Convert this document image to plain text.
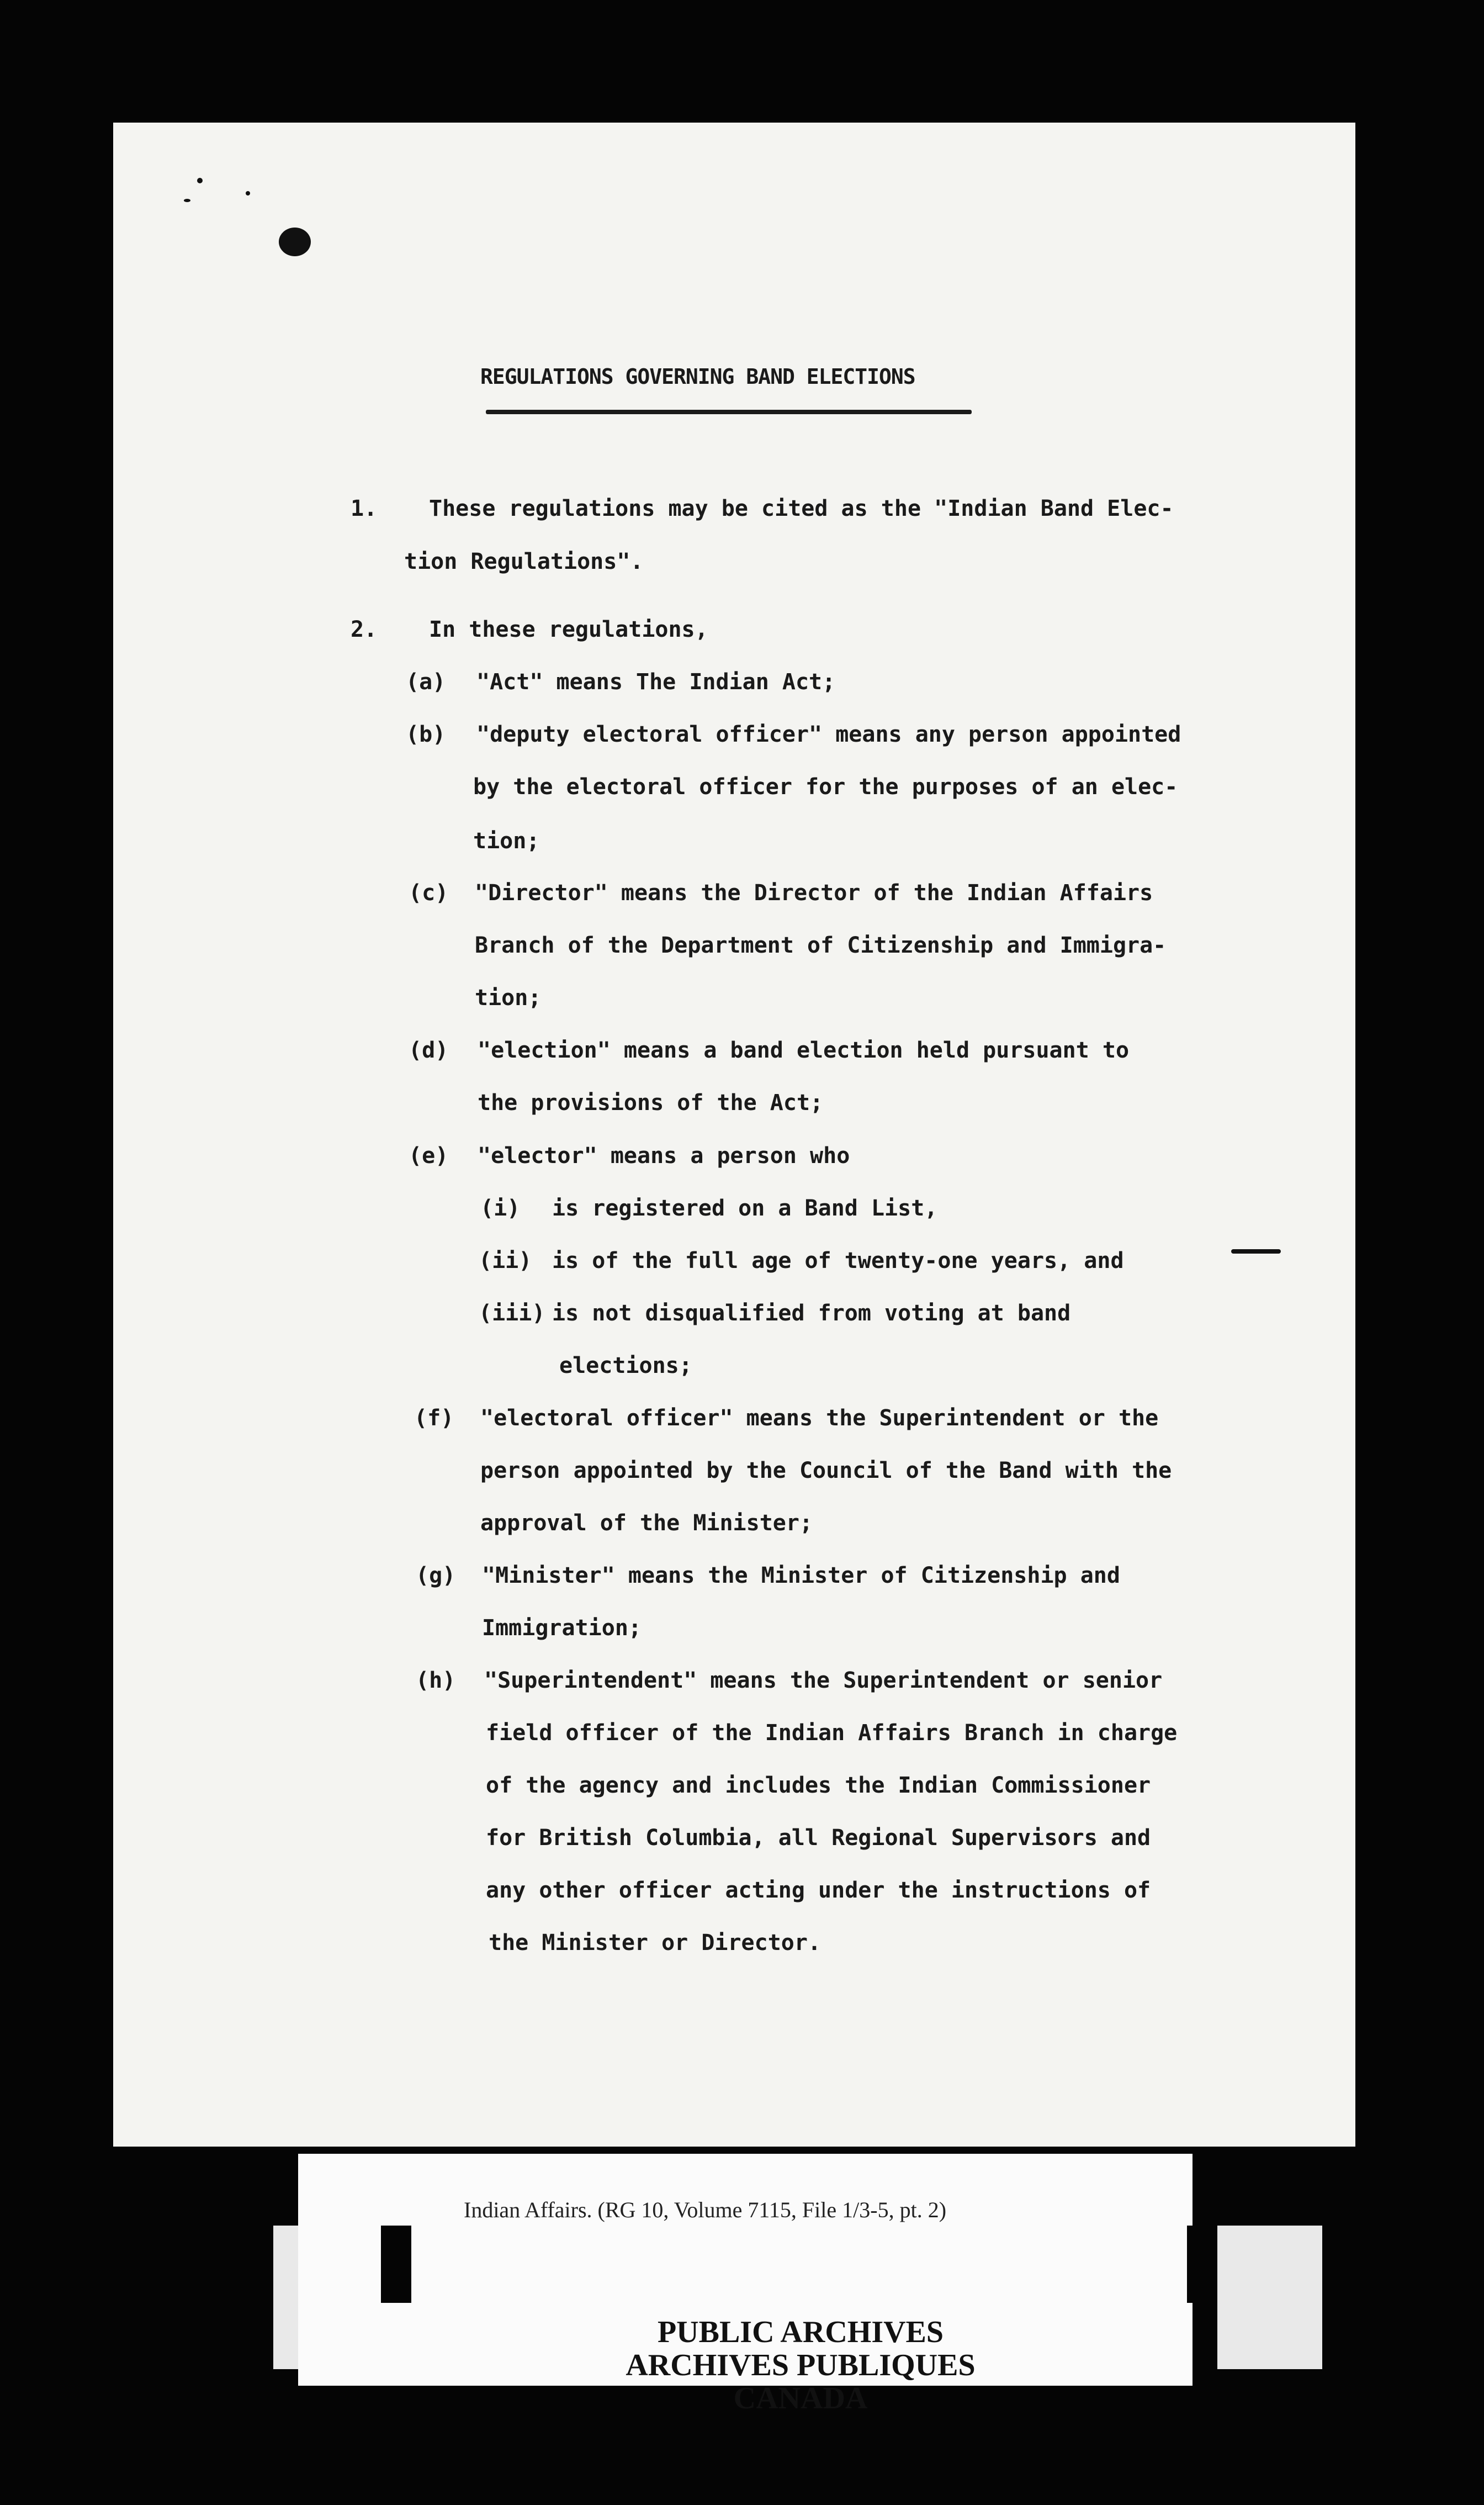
REGULATIONS GOVERNING BAND ELECTIONS
1. These regulations may be cited as the "Indian Band Elec-
tion Regulations".
2. In these regulations,
(a) "Act" means The Indian Act;
(b) "deputy electoral officer" means any person appointed
by the electoral officer for the purposes of an elec-
tion;
(c) "Director" means the Director of the Indian Affairs
Branch of the Department of Citizenship and Immigra-
tion;
(d) "election" means a band election held pursuant to
the provisions of the Act;
(e) "elector" means a person who
(i) is registered on a Band List,
(ii) is of the full age of twenty-one years, and
(iii) is not disqualified from voting at band
elections;
(f) "electoral officer" means the Superintendent or the
person appointed by the Council of the Band with the
approval of the Minister;
(g) "Minister" means the Minister of Citizenship and
Immigration;
(h) "Superintendent" means the Superintendent or senior
field officer of the Indian Affairs Branch in charge
of the agency and includes the Indian Commissioner
for British Columbia, all Regional Supervisors and
any other officer acting under the instructions of
the Minister or Director.
Indian Affairs. (RG 10, Volume 7115, File 1/3-5, pt. 2)
PUBLIC ARCHIVES
ARCHIVES PUBLIQUES
CANADA
